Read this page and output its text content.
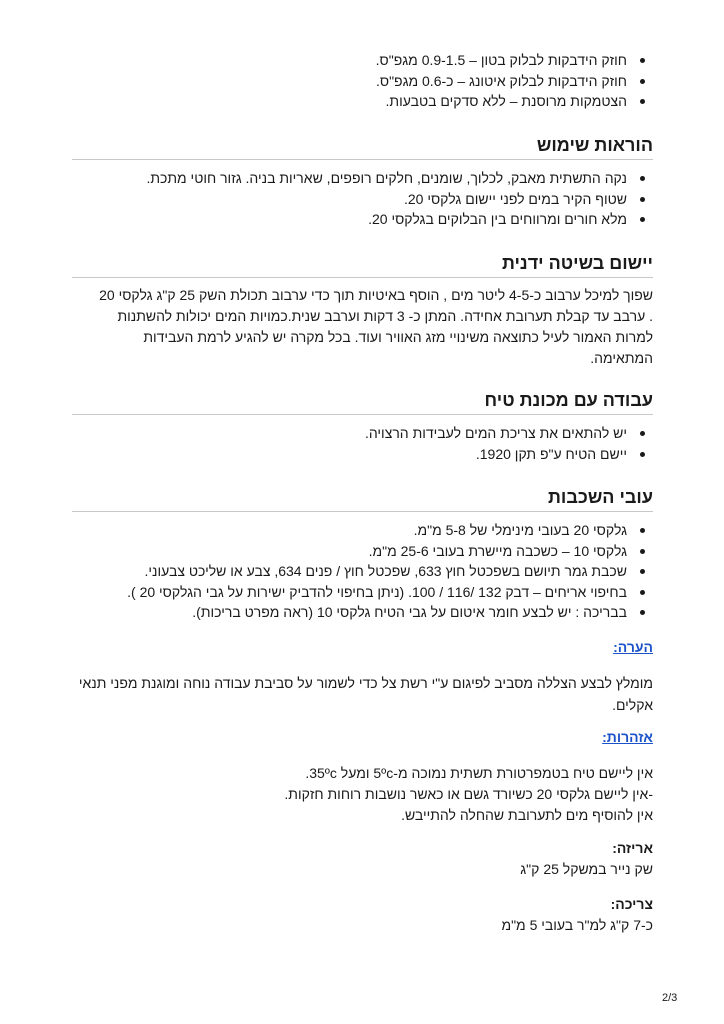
חוזק הידבקות לבלוק בטון – 0.9-1.5 מגפ"ס.
חוזק הידבקות לבלוק איטונג – כ-0.6 מגפ"ס.
הצטמקות מרוסנת – ללא סדקים בטבעות.
הוראות שימוש
נקה התשתית מאבק, לכלוך, שומנים, חלקים רופפים, שאריות בניה. גזור חוטי מתכת.
שטוף הקיר במים לפני יישום גלקסי 20.
מלא חורים ומרווחים בין הבלוקים בגלקסי 20.
יישום בשיטה ידנית
שפוך למיכל ערבוב כ-4-5 ליטר מים , הוסף באיטיות תוך כדי ערבוב תכולת השק 25 ק"ג גלקסי 20
. ערבב עד קבלת תערובת אחידה. המתן כ- 3 דקות וערבב שנית.כמויות המים יכולות להשתנות
למרות האמור לעיל כתוצאה משינויי מזג האוויר ועוד. בכל מקרה יש להגיע לרמת העבידות
המתאימה.
עבודה עם מכונת טיח
יש להתאים את צריכת המים לעבידות הרצויה.
יישם הטיח ע"פ תקן 1920.
עובי השכבות
גלקסי 20 בעובי מינימלי של 5-8 מ"מ.
גלקסי 10 – כשכבה מיישרת בעובי 25-6 מ"מ.
שכבת גמר תיושם בשפכטל חוץ 633, שפכטל חוץ / פנים 634, צבע או שליכט צבעוני.
בחיפוי אריחים – דבק 132 /116 / 100. (ניתן בחיפוי להדביק ישירות על גבי הגלקסי 20 ).
בבריכה : יש לבצע חומר איטום על גבי הטיח גלקסי 10 (ראה מפרט בריכות).
הערה:
מומלץ לבצע הצללה מסביב לפיגום ע"י רשת צל כדי לשמור על סביבת עבודה נוחה ומוגנת מפני תנאי
אקלים.
אזהרות:
אין ליישם טיח בטמפרטורת תשתית נמוכה מ-5ºc ומעל 35ºc.
-אין ליישם גלקסי 20 כשיורד גשם או כאשר נושבות רוחות חזקות.
אין להוסיף מים לתערובת שהחלה להתייבש.
אריזה:

שק נייר במשקל 25 ק"ג

צריכה:

כ-7 ק"ג למ"ר בעובי 5 מ"מ

2/3
